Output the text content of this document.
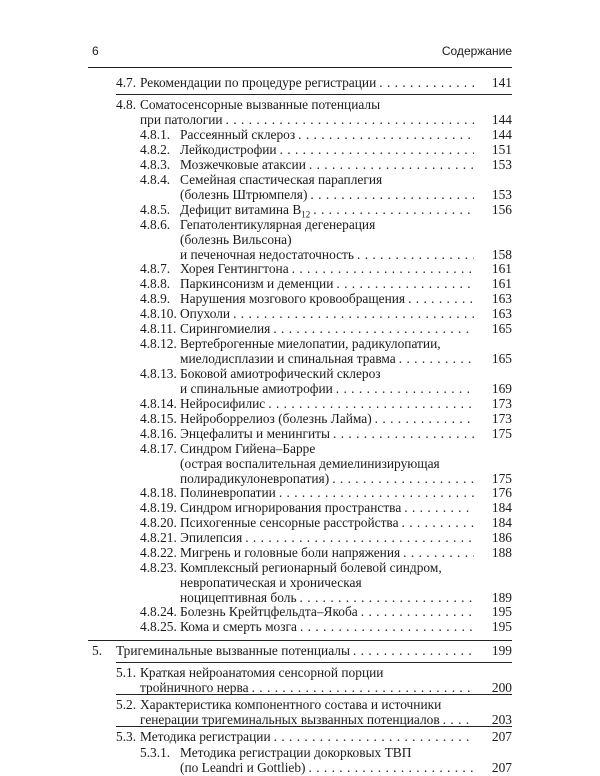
6	Содержание
4.7. Рекомендации по процедуре регистрации . . .	141
4.8. Соматосенсорные вызванные потенциалы
при патологии . . .	144
4.8.1. Рассеянный склероз . . .	144
4.8.2. Лейкодистрофии . . .	151
4.8.3. Мозжечковые атаксии . . .	153
4.8.4. Семейная спастическая параплегия
(болезнь Штрюмпеля) . . .	153
4.8.5. Дефицит витамина $B_{12}$ . . .	156
4.8.6. Гепатолентикулярная дегенерация
(болезнь Вильсона)
и печеночная недостаточность . . .	158
4.8.7. Хорея Гентингтона . . .	161
4.8.8. Паркинсонизм и деменции . . .	161
4.8.9. Нарушения мозгового кровообращения . . .	163
4.8.10. Опухоли . . .	163
4.8.11. Сирингомиелия . . .	165
4.8.12. Вертеброгенные миелопатии, радикулопатии,
миелодисплазии и спинальная травма . . .	165
4.8.13. Боковой амиотрофический склероз
и спинальные амиотрофии . . .	169
4.8.14. Нейросифилис . . .	173
4.8.15. Нейроборрелиоз (болезнь Лайма) . . .	173
4.8.16. Энцефалиты и менингиты . . .	175
4.8.17. Синдром Гийена–Барре
(острая воспалительная демиелинизирующая
полирадикулоневропатия) . . .	175
4.8.18. Полиневропатии . . .	176
4.8.19. Синдром игнорирования пространства . . .	184
4.8.20. Психогенные сенсорные расстройства . . .	184
4.8.21. Эпилепсия . . .	186
4.8.22. Мигрень и головные боли напряжения . . .	188
4.8.23. Комплексный регионарный болевой синдром,
невропатическая и хроническая
ноцицептивная боль . . .	189
4.8.24. Болезнь Крейтцфельдта–Якоба . . .	195
4.8.25. Кома и смерть мозга . . .	195
5. Тригеминальные вызванные потенциалы . . .	199
5.1. Краткая нейроанатомия сенсорной порции
тройничного нерва . . .	200
5.2. Характеристика компонентного состава и источники
генерации тригеминальных вызванных потенциалов . . .	203
5.3. Методика регистрации . . .	207
5.3.1. Методика регистрации докорковых ТВП
(по Leandri и Gottlieb) . . .	207
